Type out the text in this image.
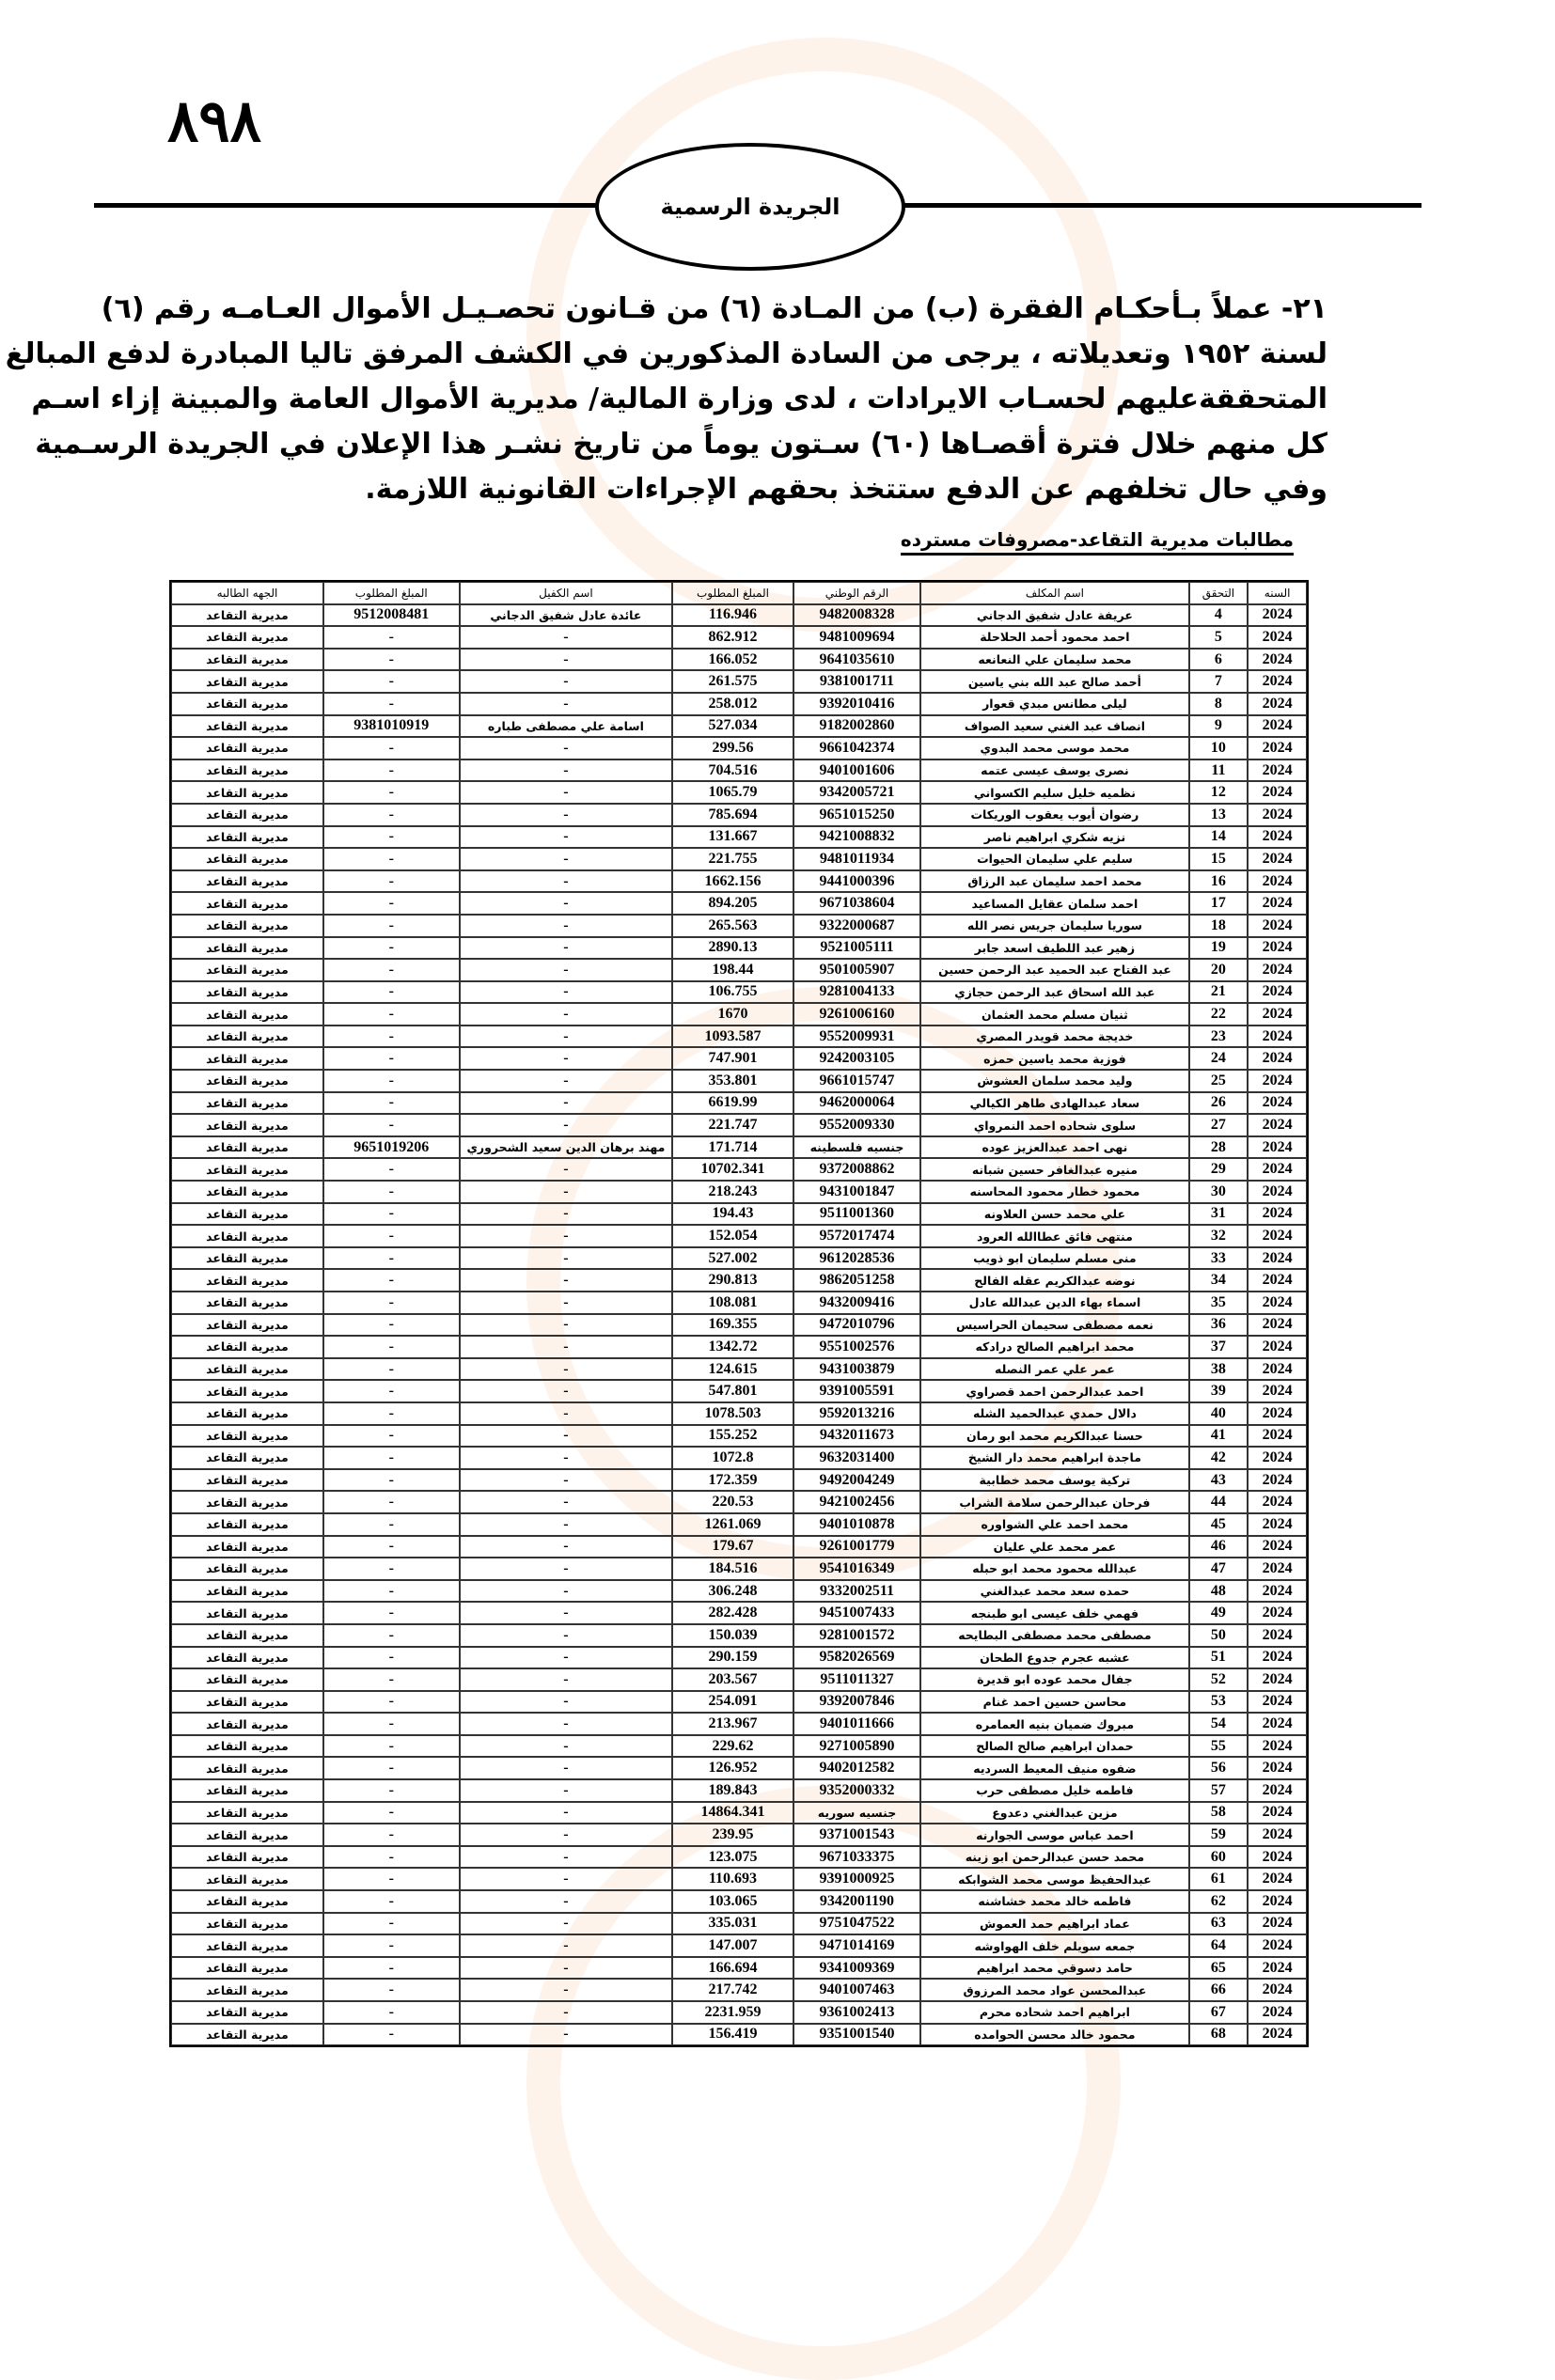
٨٩٨
الجريدة الرسمية
٢١- عملاً بـأحكـام الفقرة (ب) من المـادة (٦) من قـانون تحصـيـل الأموال العـامـه رقم (٦)
لسنة ١٩٥٢ وتعديلاته ، يرجى من السادة المذكورين في الكشف المرفق تاليا المبادرة لدفع المبالغ
المتحققةعليهم لحسـاب الايرادات ، لدى وزارة المالية/ مديرية الأموال العامة والمبينة إزاء اسـم
كل منهم خلال فترة أقصـاها (٦٠) سـتون يوماً من تاريخ نشـر هذا الإعلان في الجريدة الرسـمية
وفي حال تخلفهم عن الدفع ستتخذ بحقهم الإجراءات القانونية اللازمة.
مطالبات مديرية التقاعد-مصروفات مسترده
السنه	التحقق	اسم المكلف	الرقم الوطني	المبلغ المطلوب	اسم الكفيل	المبلغ المطلوب	الجهه الطالبه
2024	4	عريفة عادل شفيق الدجاني	9482008328	116.946	عائدة عادل شفيق الدجاني	9512008481	مديرية التقاعد
2024	5	احمد محمود أحمد الحلاحلة	9481009694	862.912	-	-	مديرية التقاعد
2024	6	محمد سليمان علي النعانعه	9641035610	166.052	-	-	مديرية التقاعد
2024	7	أحمد صالح عبد الله بني ياسين	9381001711	261.575	-	-	مديرية التقاعد
2024	8	ليلى مطانس مبدي قعوار	9392010416	258.012	-	-	مديرية التقاعد
2024	9	انصاف عبد الغني سعيد الصواف	9182002860	527.034	اسامة علي مصطفى طباره	9381010919	مديرية التقاعد
2024	10	محمد موسى محمد البدوي	9661042374	299.56	-	-	مديرية التقاعد
2024	11	نصرى يوسف عيسى عتمه	9401001606	704.516	-	-	مديرية التقاعد
2024	12	نظميه خليل سليم الكسواني	9342005721	1065.79	-	-	مديرية التقاعد
2024	13	رضوان أيوب يعقوب الوريكات	9651015250	785.694	-	-	مديرية التقاعد
2024	14	نزيه شكري ابراهيم ناصر	9421008832	131.667	-	-	مديرية التقاعد
2024	15	سليم علي سليمان الحيوات	9481011934	221.755	-	-	مديرية التقاعد
2024	16	محمد احمد سليمان عبد الرزاق	9441000396	1662.156	-	-	مديرية التقاعد
2024	17	احمد سلمان عقايل المساعيد	9671038604	894.205	-	-	مديرية التقاعد
2024	18	سوريا سليمان جريس نصر الله	9322000687	265.563	-	-	مديرية التقاعد
2024	19	زهير عبد اللطيف اسعد جابر	9521005111	2890.13	-	-	مديرية التقاعد
2024	20	عبد الفتاح عبد الحميد عبد الرحمن حسين	9501005907	198.44	-	-	مديرية التقاعد
2024	21	عبد الله اسحاق عبد الرحمن حجازي	9281004133	106.755	-	-	مديرية التقاعد
2024	22	ثنيان مسلم محمد العثمان	9261006160	1670	-	-	مديرية التقاعد
2024	23	خديجة محمد قويدر المصري	9552009931	1093.587	-	-	مديرية التقاعد
2024	24	فوزية محمد ياسين حمزه	9242003105	747.901	-	-	مديرية التقاعد
2024	25	وليد محمد سلمان العشوش	9661015747	353.801	-	-	مديرية التقاعد
2024	26	سعاد عبدالهادى طاهر الكيالي	9462000064	6619.99	-	-	مديرية التقاعد
2024	27	سلوى شحاده احمد النمرواي	9552009330	221.747	-	-	مديرية التقاعد
2024	28	نهى احمد عبدالعزيز عوده	جنسيه فلسطينه	171.714	مهند برهان الدين سعيد الشحروري	9651019206	مديرية التقاعد
2024	29	منيره عبدالغافر حسين شبانه	9372008862	10702.341	-	-	مديرية التقاعد
2024	30	محمود خطار محمود المحاسنه	9431001847	218.243	-	-	مديرية التقاعد
2024	31	علي محمد حسن العلاونه	9511001360	194.43	-	-	مديرية التقاعد
2024	32	منتهى فائق عطاالله العرود	9572017474	152.054	-	-	مديرية التقاعد
2024	33	منى مسلم سليمان ابو ذويب	9612028536	527.002	-	-	مديرية التقاعد
2024	34	نوضه عبدالكريم عقله الفالح	9862051258	290.813	-	-	مديرية التقاعد
2024	35	اسماء بهاء الدين عبدالله عادل	9432009416	108.081	-	-	مديرية التقاعد
2024	36	نعمه مصطفى سحيمان الحراسيس	9472010796	169.355	-	-	مديرية التقاعد
2024	37	محمد ابراهيم الصالح درادكه	9551002576	1342.72	-	-	مديرية التقاعد
2024	38	عمر علي عمر النصله	9431003879	124.615	-	-	مديرية التقاعد
2024	39	احمد عبدالرحمن احمد قصراوي	9391005591	547.801	-	-	مديرية التقاعد
2024	40	دالال حمدي عبدالحميد الشله	9592013216	1078.503	-	-	مديرية التقاعد
2024	41	حسنا عبدالكريم محمد ابو رمان	9432011673	155.252	-	-	مديرية التقاعد
2024	42	ماجدة ابراهيم محمد دار الشيخ	9632031400	1072.8	-	-	مديرية التقاعد
2024	43	تركية يوسف محمد خطابية	9492004249	172.359	-	-	مديرية التقاعد
2024	44	فرحان عبدالرحمن سلامة الشراب	9421002456	220.53	-	-	مديرية التقاعد
2024	45	محمد احمد علي الشواوره	9401010878	1261.069	-	-	مديرية التقاعد
2024	46	عمر محمد علي عليان	9261001779	179.67	-	-	مديرية التقاعد
2024	47	عبدالله محمود محمد ابو حبله	9541016349	184.516	-	-	مديرية التقاعد
2024	48	حمده سعد محمد عبدالغني	9332002511	306.248	-	-	مديرية التقاعد
2024	49	فهمي خلف عيسى ابو طبنجه	9451007433	282.428	-	-	مديرية التقاعد
2024	50	مصطفى محمد مصطفى البطايحه	9281001572	150.039	-	-	مديرية التقاعد
2024	51	عشبه عجرم جدوع الطحان	9582026569	290.159	-	-	مديرية التقاعد
2024	52	جفال محمد عوده ابو قديرة	9511011327	203.567	-	-	مديرية التقاعد
2024	53	محاسن حسين احمد غنام	9392007846	254.091	-	-	مديرية التقاعد
2024	54	مبروك ضميان بنيه العمامره	9401011666	213.967	-	-	مديرية التقاعد
2024	55	حمدان ابراهيم صالح الصالح	9271005890	229.62	-	-	مديرية التقاعد
2024	56	ضفوه منيف المعيط السرديه	9402012582	126.952	-	-	مديرية التقاعد
2024	57	فاطمه خليل مصطفى حرب	9352000332	189.843	-	-	مديرية التقاعد
2024	58	مزين عبدالغني دعدوع	جنسيه سوريه	14864.341	-	-	مديرية التقاعد
2024	59	احمد عباس موسى الجوارنه	9371001543	239.95	-	-	مديرية التقاعد
2024	60	محمد حسن عبدالرحمن ابو زينه	9671033375	123.075	-	-	مديرية التقاعد
2024	61	عبدالحفيظ موسى محمد الشوابكه	9391000925	110.693	-	-	مديرية التقاعد
2024	62	فاطمه خالد محمد خشاشنه	9342001190	103.065	-	-	مديرية التقاعد
2024	63	عماد ابراهيم حمد العموش	9751047522	335.031	-	-	مديرية التقاعد
2024	64	جمعه سويلم خلف الهواوشه	9471014169	147.007	-	-	مديرية التقاعد
2024	65	حامد دسوقي محمد ابراهيم	9341009369	166.694	-	-	مديرية التقاعد
2024	66	عبدالمحسن عواد محمد المرزوق	9401007463	217.742	-	-	مديرية التقاعد
2024	67	ابراهيم احمد شحاده محرم	9361002413	2231.959	-	-	مديرية التقاعد
2024	68	محمود خالد محسن الحوامده	9351001540	156.419	-	-	مديرية التقاعد
